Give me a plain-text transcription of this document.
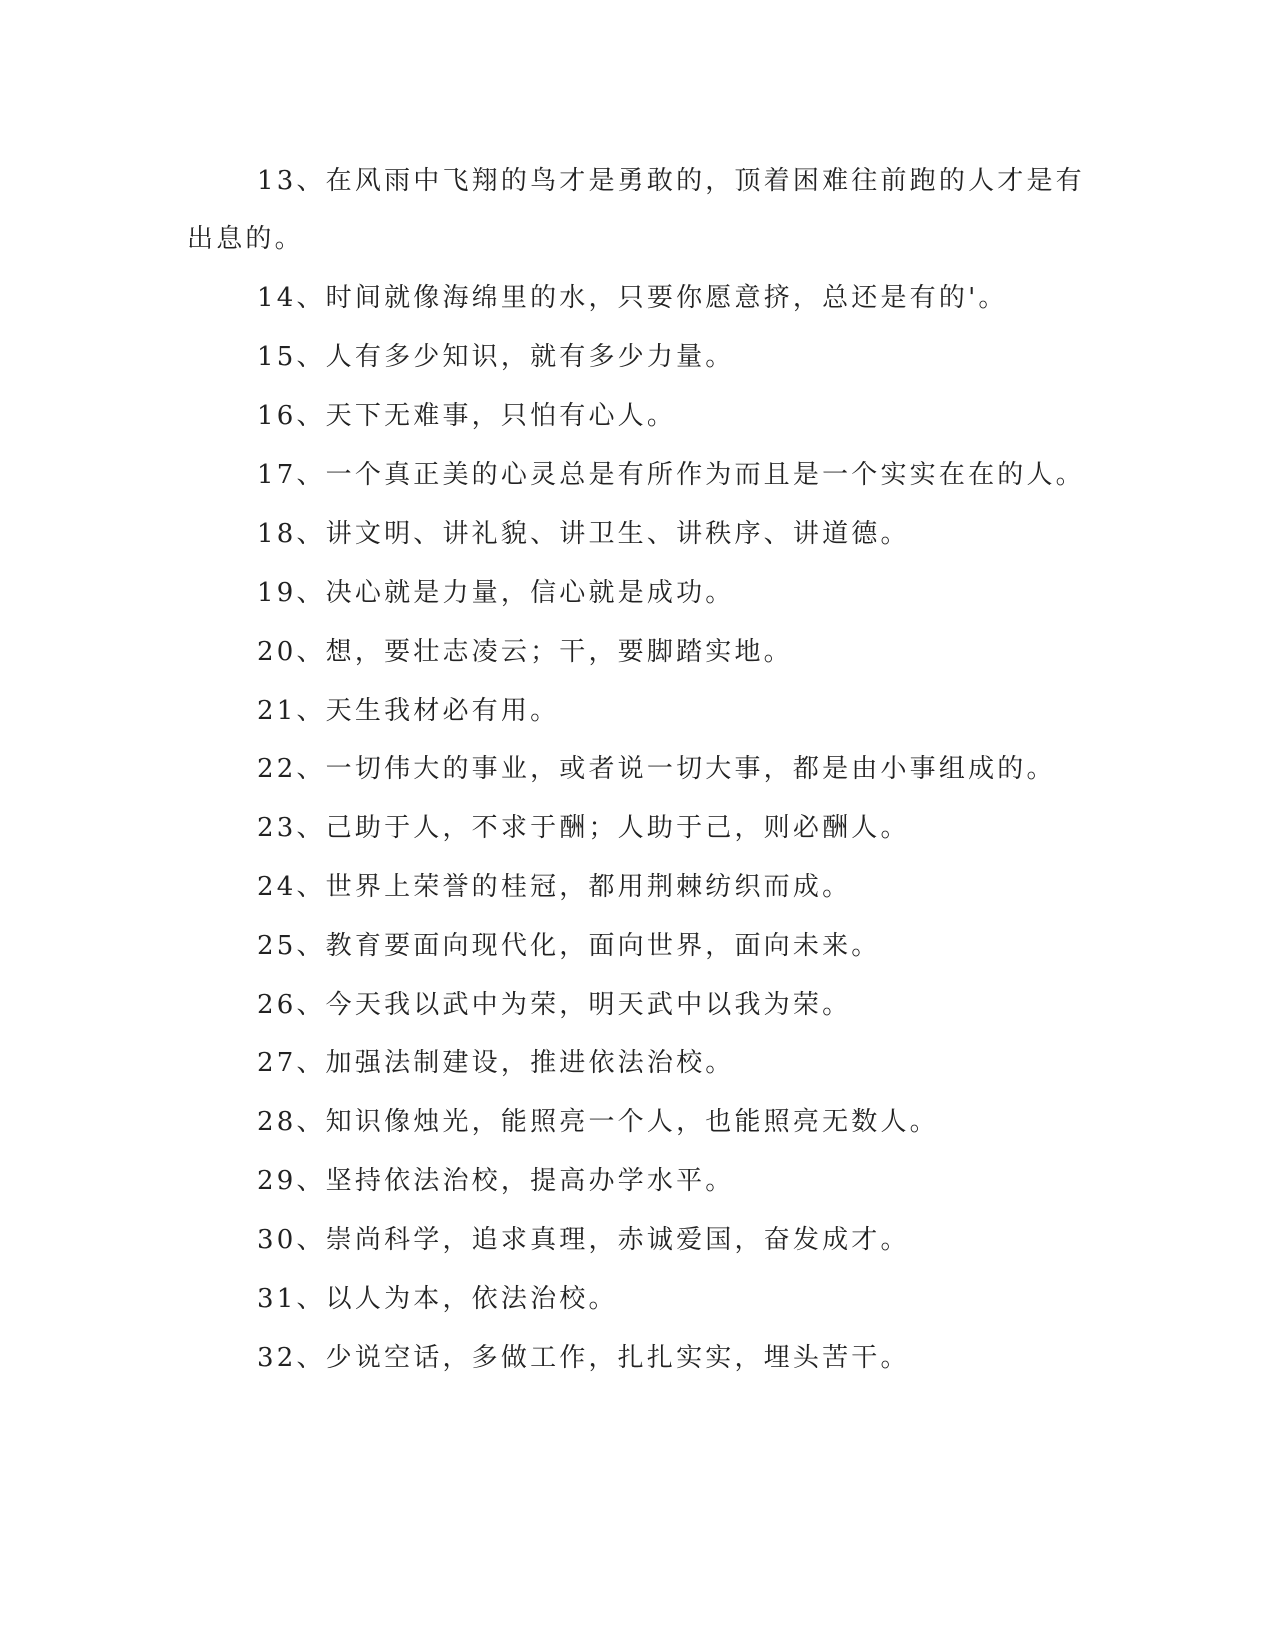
13、在风雨中飞翔的鸟才是勇敢的，顶着困难往前跑的人才是有
出息的。
14、时间就像海绵里的水，只要你愿意挤，总还是有的'。
15、人有多少知识，就有多少力量。
16、天下无难事，只怕有心人。
17、一个真正美的心灵总是有所作为而且是一个实实在在的人。
18、讲文明、讲礼貌、讲卫生、讲秩序、讲道德。
19、决心就是力量，信心就是成功。
20、想，要壮志凌云；干，要脚踏实地。
21、天生我材必有用。
22、一切伟大的事业，或者说一切大事，都是由小事组成的。
23、己助于人，不求于酬；人助于己，则必酬人。
24、世界上荣誉的桂冠，都用荆棘纺织而成。
25、教育要面向现代化，面向世界，面向未来。
26、今天我以武中为荣，明天武中以我为荣。
27、加强法制建设，推进依法治校。
28、知识像烛光，能照亮一个人，也能照亮无数人。
29、坚持依法治校，提高办学水平。
30、崇尚科学，追求真理，赤诚爱国，奋发成才。
31、以人为本，依法治校。
32、少说空话，多做工作，扎扎实实，埋头苦干。
